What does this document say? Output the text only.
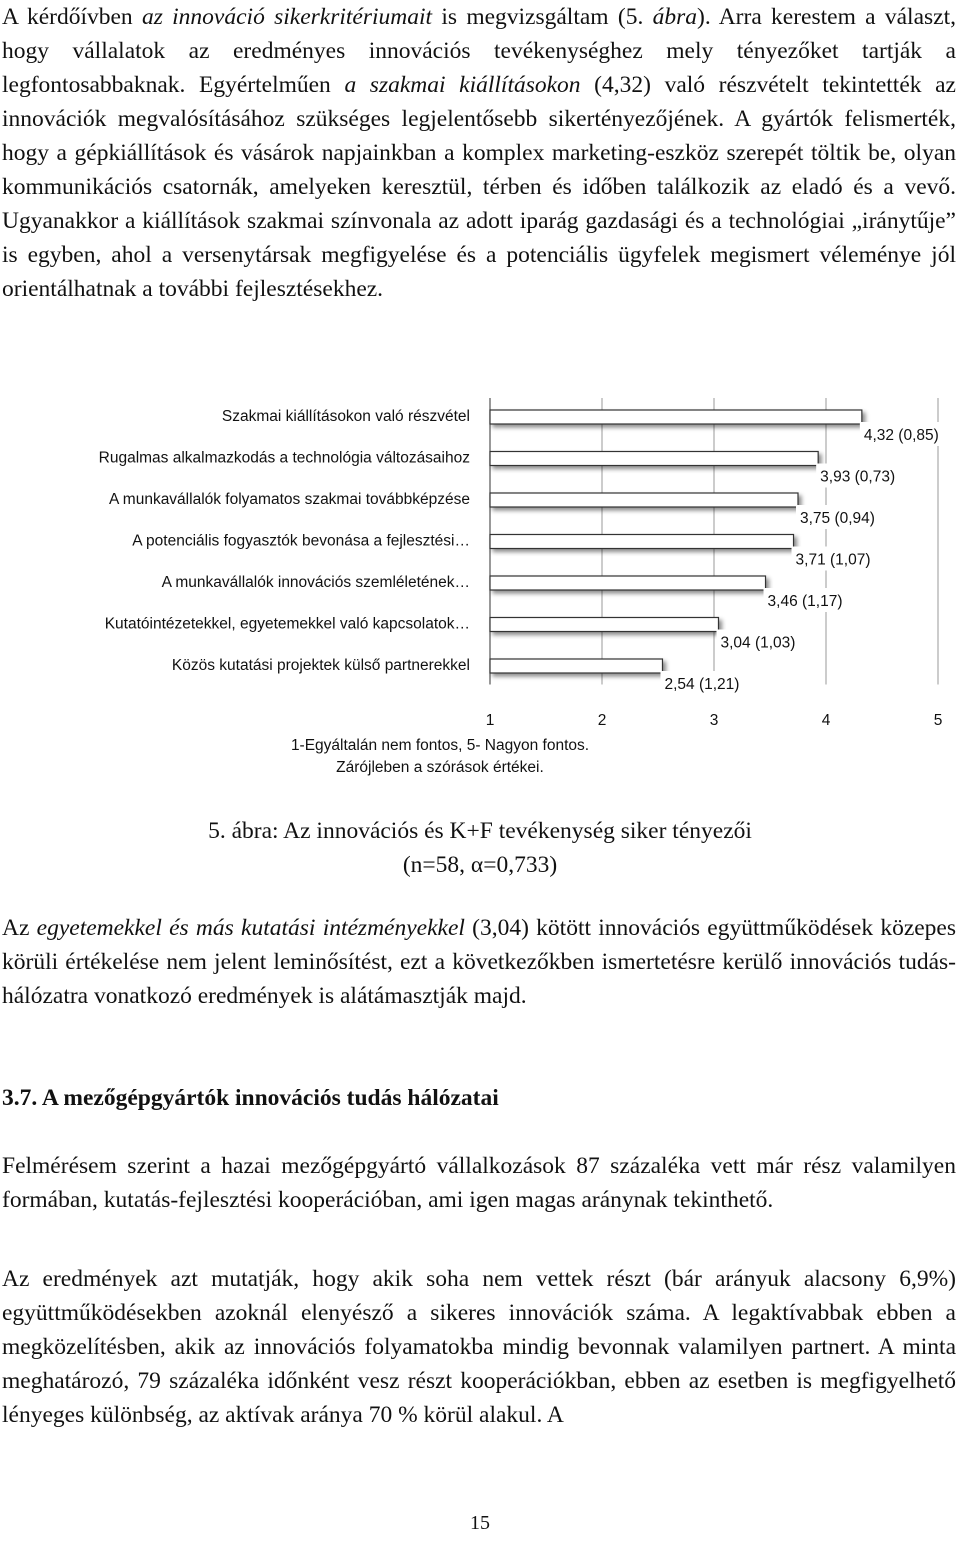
A kérdőívben az innováció sikerkritériumait is megvizsgáltam (5. ábra). Arra kerestem a választ, hogy vállalatok az eredményes innovációs tevékenységhez mely tényezőket tartják a legfontosabbaknak. Egyértelműen a szakmai kiállításokon (4,32) való részvételt tekintették az innovációk megvalósításához szükséges legjelentősebb sikertényezőjének. A gyártók felismerték, hogy a gépkiállítások és vásárok napjainkban a komplex marketing-eszköz szerepét töltik be, olyan kommunikációs csatornák, amelyeken keresztül, térben és időben találkozik az eladó és a vevő. Ugyanakkor a kiállítások szakmai színvonala az adott iparág gazdasági és a technológiai „iránytűje” is egyben, ahol a versenytársak megfigyelése és a potenciális ügyfelek megismert véleménye jól orientálhatnak a további fejlesztésekhez.

Szakmai kiállításokon való részvétel
4,32 (0,85)
Rugalmas alkalmazkodás a technológia változásaihoz
3,93 (0,73)
A munkavállalók folyamatos szakmai továbbképzése
3,75 (0,94)
A potenciális fogyasztók bevonása a fejlesztési…
3,71 (1,07)
A munkavállalók innovációs szemléletének…
3,46 (1,17)
Kutatóintézetekkel, egyetemekkel való kapcsolatok…
3,04 (1,03)
Közös kutatási projektek külső partnerekkel
2,54 (1,21)
1	2	3	4	5
1-Egyáltalán nem fontos, 5- Nagyon fontos.
Zárójleben a szórások értékei.
5. ábra: Az innovációs és K+F tevékenység siker tényezői
(n=58, α=0,733)

Az egyetemekkel és más kutatási intézményekkel (3,04) kötött innovációs együttműködések közepes körüli értékelése nem jelent leminősítést, ezt a következőkben ismertetésre kerülő innovációs tudás-hálózatra vonatkozó eredmények is alátámasztják majd.

3.7. A mezőgépgyártók innovációs tudás hálózatai

Felmérésem szerint a hazai mezőgépgyártó vállalkozások 87 százaléka vett már rész valamilyen formában, kutatás-fejlesztési kooperációban, ami igen magas aránynak tekinthető.

Az eredmények azt mutatják, hogy akik soha nem vettek részt (bár arányuk alacsony 6,9%) együttműködésekben azoknál elenyésző a sikeres innovációk száma. A legaktívabbak ebben a megközelítésben, akik az innovációs folyamatokba mindig bevonnak valamilyen partnert. A minta meghatározó, 79 százaléka időnként vesz részt kooperációkban, ebben az esetben is megfigyelhető lényeges különbség, az aktívak aránya 70 % körül alakul. A

15
